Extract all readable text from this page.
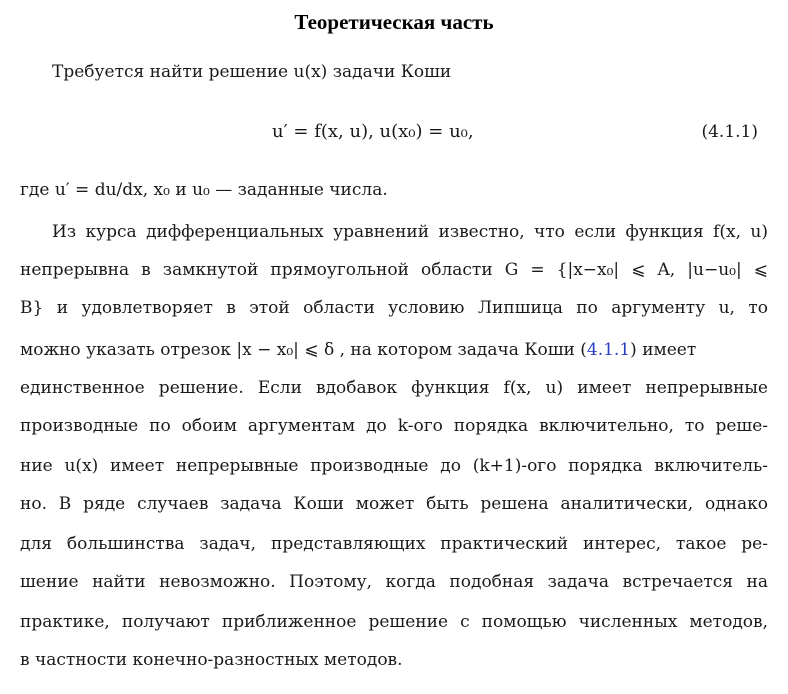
Теоретическая часть
Требуется найти решение u(x) задачи Коши
u′ = f(x, u), u(x₀) = u₀,	(4.1.1)
где u′ = du/dx, x₀ и u₀ — заданные числа.
Из курса дифференциальных уравнений известно, что если функция f(x, u)
непрерывна в замкнутой прямоугольной области G = {|x−x₀| ⩽ A, |u−u₀| ⩽
B} и удовлетворяет в этой области условию Липшица по аргументу u, то
можно указать отрезок |x − x₀| ⩽ δ , на котором задача Коши (4.1.1) имеет
единственное решение. Если вдобавок функция f(x, u) имеет непрерывные
производные по обоим аргументам до k-ого порядка включительно, то реше-
ние u(x) имеет непрерывные производные до (k+1)-ого порядка включитель-
но. В ряде случаев задача Коши может быть решена аналитически, однако
для большинства задач, представляющих практический интерес, такое ре-
шение найти невозможно. Поэтому, когда подобная задача встречается на
практике, получают приближенное решение с помощью численных методов,
в частности конечно-разностных методов.
